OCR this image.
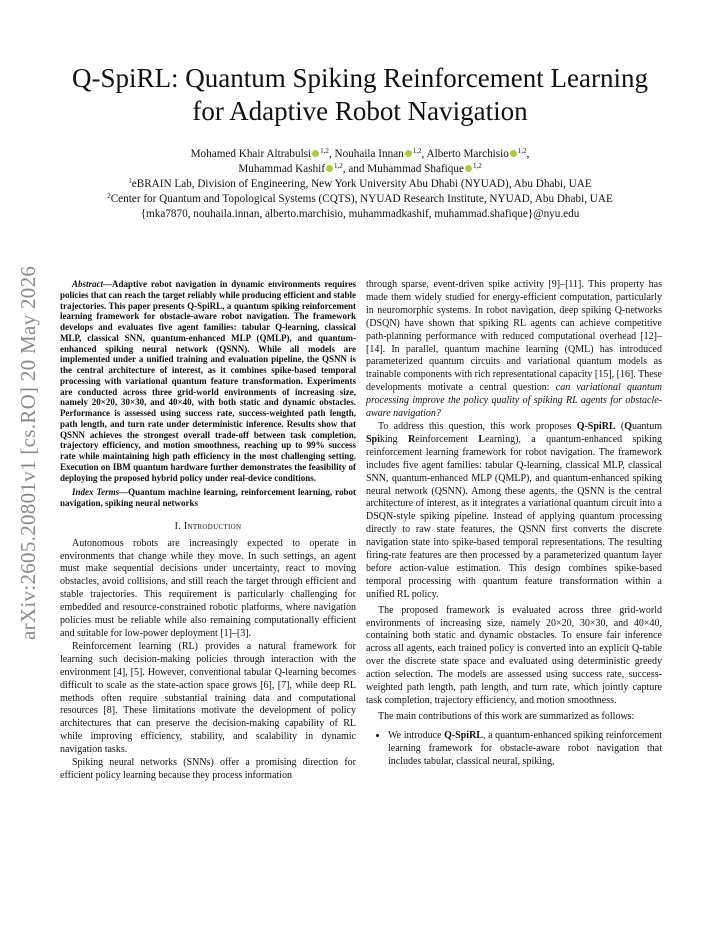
arXiv:2605.20801v1 [cs.RO] 20 May 2026
Q-SpiRL: Quantum Spiking Reinforcement Learning
for Adaptive Robot Navigation
Mohamed Khair Altrabulsi $^{1,2}$, Nouhaila Innan $^{1,2}$, Alberto Marchisio $^{1,2}$,
Muhammad Kashif $^{1,2}$, and Muhammad Shafique $^{1,2}$
$^1$eBRAIN Lab, Division of Engineering, New York University Abu Dhabi (NYUAD), Abu Dhabi, UAE
$^2$Center for Quantum and Topological Systems (CQTS), NYUAD Research Institute, NYUAD, Abu Dhabi, UAE
{mka7870, nouhaila.innan, alberto.marchisio, muhammadkashif, muhammad.shafique}@nyu.edu

Abstract—Adaptive robot navigation in dynamic environments requires policies that can reach the target reliably while producing efficient and stable trajectories. This paper presents Q-SpiRL, a quantum spiking reinforcement learning framework for obstacle-aware robot navigation. The framework develops and evaluates five agent families: tabular Q-learning, classical MLP, classical SNN, quantum-enhanced MLP (QMLP), and quantum-enhanced spiking neural network (QSNN). While all models are implemented under a unified training and evaluation pipeline, the QSNN is the central architecture of interest, as it combines spike-based temporal processing with variational quantum feature transformation. Experiments are conducted across three grid-world environments of increasing size, namely 20×20, 30×30, and 40×40, with both static and dynamic obstacles. Performance is assessed using success rate, success-weighted path length, path length, and turn rate under deterministic inference. Results show that QSNN achieves the strongest overall trade-off between task completion, trajectory efficiency, and motion smoothness, reaching up to 99% success rate while maintaining high path efficiency in the most challenging setting. Execution on IBM quantum hardware further demonstrates the feasibility of deploying the proposed hybrid policy under real-device conditions.

Index Terms—Quantum machine learning, reinforcement learning, robot navigation, spiking neural networks

I. Introduction

Autonomous robots are increasingly expected to operate in environments that change while they move. In such settings, an agent must make sequential decisions under uncertainty, react to moving obstacles, avoid collisions, and still reach the target through efficient and stable trajectories. This requirement is particularly challenging for embedded and resource-constrained robotic platforms, where navigation policies must be reliable while also remaining computationally efficient and suitable for low-power deployment [1]–[3].

Reinforcement learning (RL) provides a natural framework for learning such decision-making policies through interaction with the environment [4], [5]. However, conventional tabular Q-learning becomes difficult to scale as the state-action space grows [6], [7], while deep RL methods often require substantial training data and computational resources [8]. These limitations motivate the development of policy architectures that can preserve the decision-making capability of RL while improving efficiency, stability, and scalability in dynamic navigation tasks.

Spiking neural networks (SNNs) offer a promising direction for efficient policy learning because they process information

through sparse, event-driven spike activity [9]–[11]. This property has made them widely studied for energy-efficient computation, particularly in neuromorphic systems. In robot navigation, deep spiking Q-networks (DSQN) have shown that spiking RL agents can achieve competitive path-planning performance with reduced computational overhead [12]–[14]. In parallel, quantum machine learning (QML) has introduced parameterized quantum circuits and variational quantum models as trainable components with rich representational capacity [15], [16]. These developments motivate a central question: can variational quantum processing improve the policy quality of spiking RL agents for obstacle-aware navigation?

To address this question, this work proposes Q-SpiRL (Quantum Spiking Reinforcement Learning), a quantum-enhanced spiking reinforcement learning framework for robot navigation. The framework includes five agent families: tabular Q-learning, classical MLP, classical SNN, quantum-enhanced MLP (QMLP), and quantum-enhanced spiking neural network (QSNN). Among these agents, the QSNN is the central architecture of interest, as it integrates a variational quantum circuit into a DSQN-style spiking pipeline. Instead of applying quantum processing directly to raw state features, the QSNN first converts the discrete navigation state into spike-based temporal representations. The resulting firing-rate features are then processed by a parameterized quantum layer before action-value estimation. This design combines spike-based temporal processing with quantum feature transformation within a unified RL policy.

The proposed framework is evaluated across three grid-world environments of increasing size, namely 20×20, 30×30, and 40×40, containing both static and dynamic obstacles. To ensure fair inference across all agents, each trained policy is converted into an explicit Q-table over the discrete state space and evaluated using deterministic greedy action selection. The models are assessed using success rate, success-weighted path length, path length, and turn rate, which jointly capture task completion, trajectory efficiency, and motion smoothness.

The main contributions of this work are summarized as follows:

• We introduce Q-SpiRL, a quantum-enhanced spiking reinforcement learning framework for obstacle-aware robot navigation that includes tabular, classical neural, spiking,
